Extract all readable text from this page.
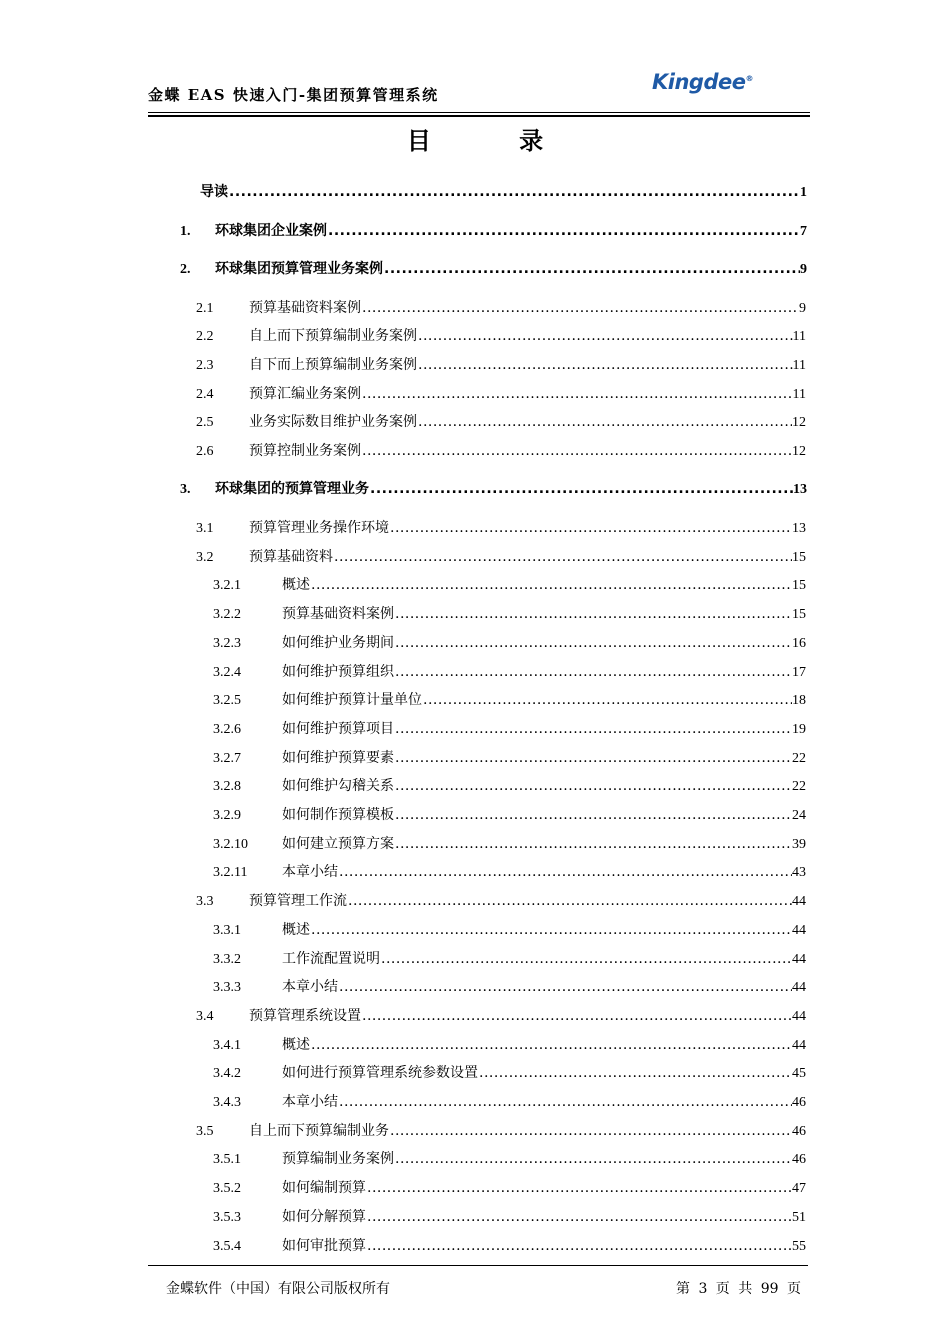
金蝶 EAS 快速入门-集团预算管理系统
Kingdee®
目 录
导读 .....	1
1.	环球集团企业案例 .....	7
2.	环球集团预算管理业务案例 .....	9
2.1	预算基础资料案例 .....	9
2.2	自上而下预算编制业务案例 .....	11
2.3	自下而上预算编制业务案例 .....	11
2.4	预算汇编业务案例 .....	11
2.5	业务实际数目维护业务案例 .....	12
2.6	预算控制业务案例 .....	12
3.	环球集团的预算管理业务 .....	13
3.1	预算管理业务操作环境 .....	13
3.2	预算基础资料 .....	15
3.2.1	概述 .....	15
3.2.2	预算基础资料案例 .....	15
3.2.3	如何维护业务期间 .....	16
3.2.4	如何维护预算组织 .....	17
3.2.5	如何维护预算计量单位 .....	18
3.2.6	如何维护预算项目 .....	19
3.2.7	如何维护预算要素 .....	22
3.2.8	如何维护勾稽关系 .....	22
3.2.9	如何制作预算模板 .....	24
3.2.10	如何建立预算方案 .....	39
3.2.11	本章小结 .....	43
3.3	预算管理工作流 .....	44
3.3.1	概述 .....	44
3.3.2	工作流配置说明 .....	44
3.3.3	本章小结 .....	44
3.4	预算管理系统设置 .....	44
3.4.1	概述 .....	44
3.4.2	如何进行预算管理系统参数设置 .....	45
3.4.3	本章小结 .....	46
3.5	自上而下预算编制业务 .....	46
3.5.1	预算编制业务案例 .....	46
3.5.2	如何编制预算 .....	47
3.5.3	如何分解预算 .....	51
3.5.4	如何审批预算 .....	55
金蝶软件（中国）有限公司版权所有	第 3 页 共 99 页
